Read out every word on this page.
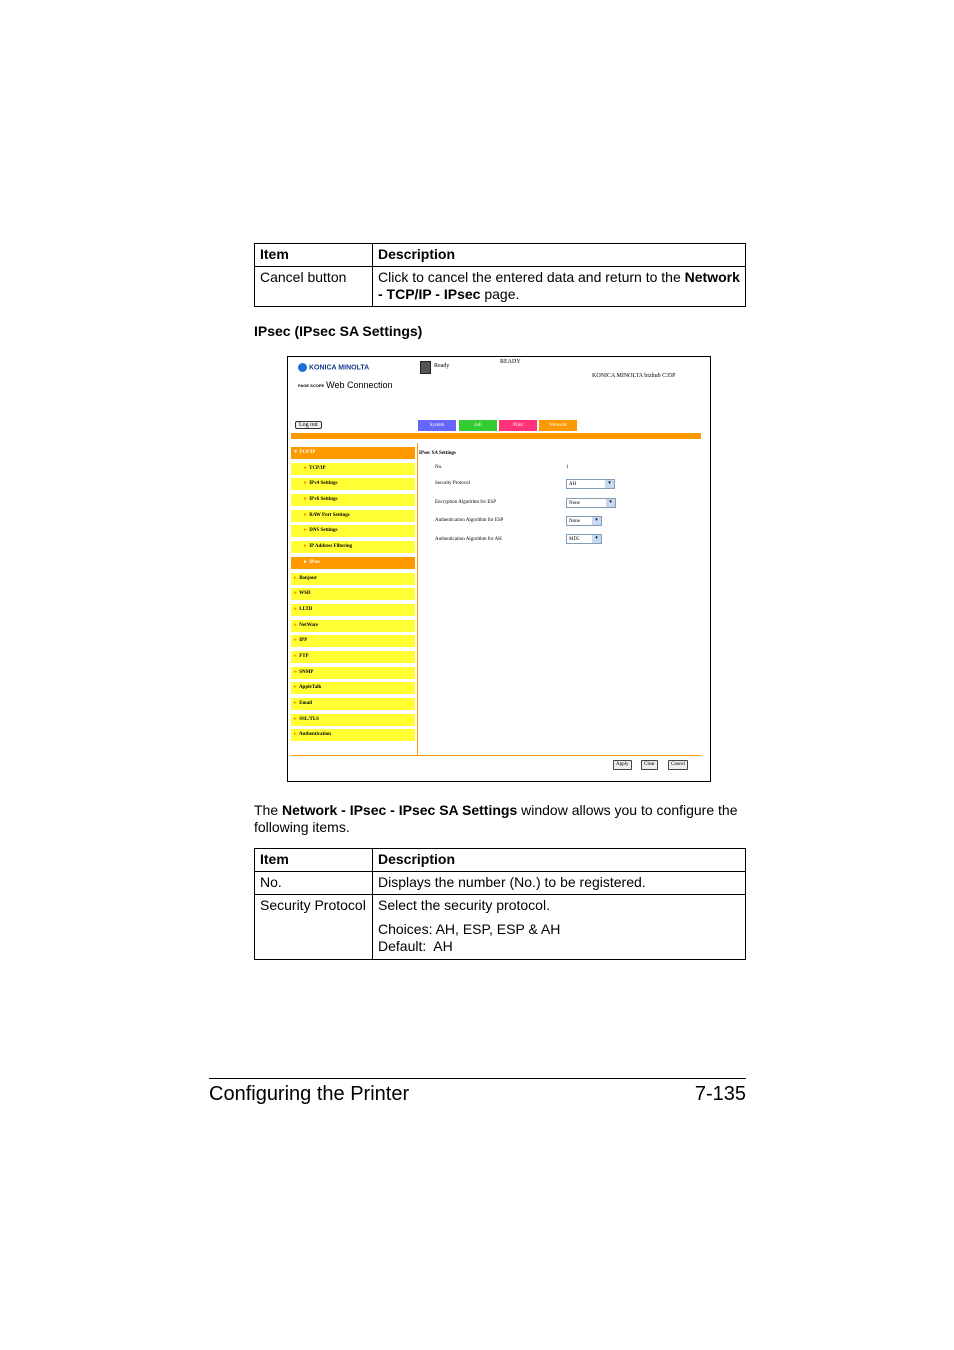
Item	Description
Cancel button	Click to cancel the entered data and return to the Network - TCP/IP - IPsec page.
IPsec (IPsec SA Settings)
KONICA MINOLTA
PAGE SCOPE Web Connection
Ready
READY
KONICA MINOLTA bizhub C35P
Log out	System	Job	Print	Network
▼ TCP/IP
► TCP/IP
► IPv4 Settings
► IPv6 Settings
► RAW Port Settings
► DNS Settings
► IP Address Filtering
► IPsec
► Bonjour
► WSD
► LLTD
► NetWare
► IPP
► FTP
► SNMP
► AppleTalk
► Email
► SSL/TLS
► Authentication
IPsec SA Settings
No.	1
Security Protocol	AH	▾
Encryption Algorithm for ESP	None	▾
Authentication Algorithm for ESP	None	▾
Authentication Algorithm for AH	MD5	▾
Apply	Clear	Cancel
The Network - IPsec - IPsec SA Settings window allows you to configure the following items.
Item	Description
No.	Displays the number (No.) to be registered.
Security Protocol	Select the security protocol.
Choices: AH, ESP, ESP & AH
Default:  AH
Configuring the Printer	7-135
